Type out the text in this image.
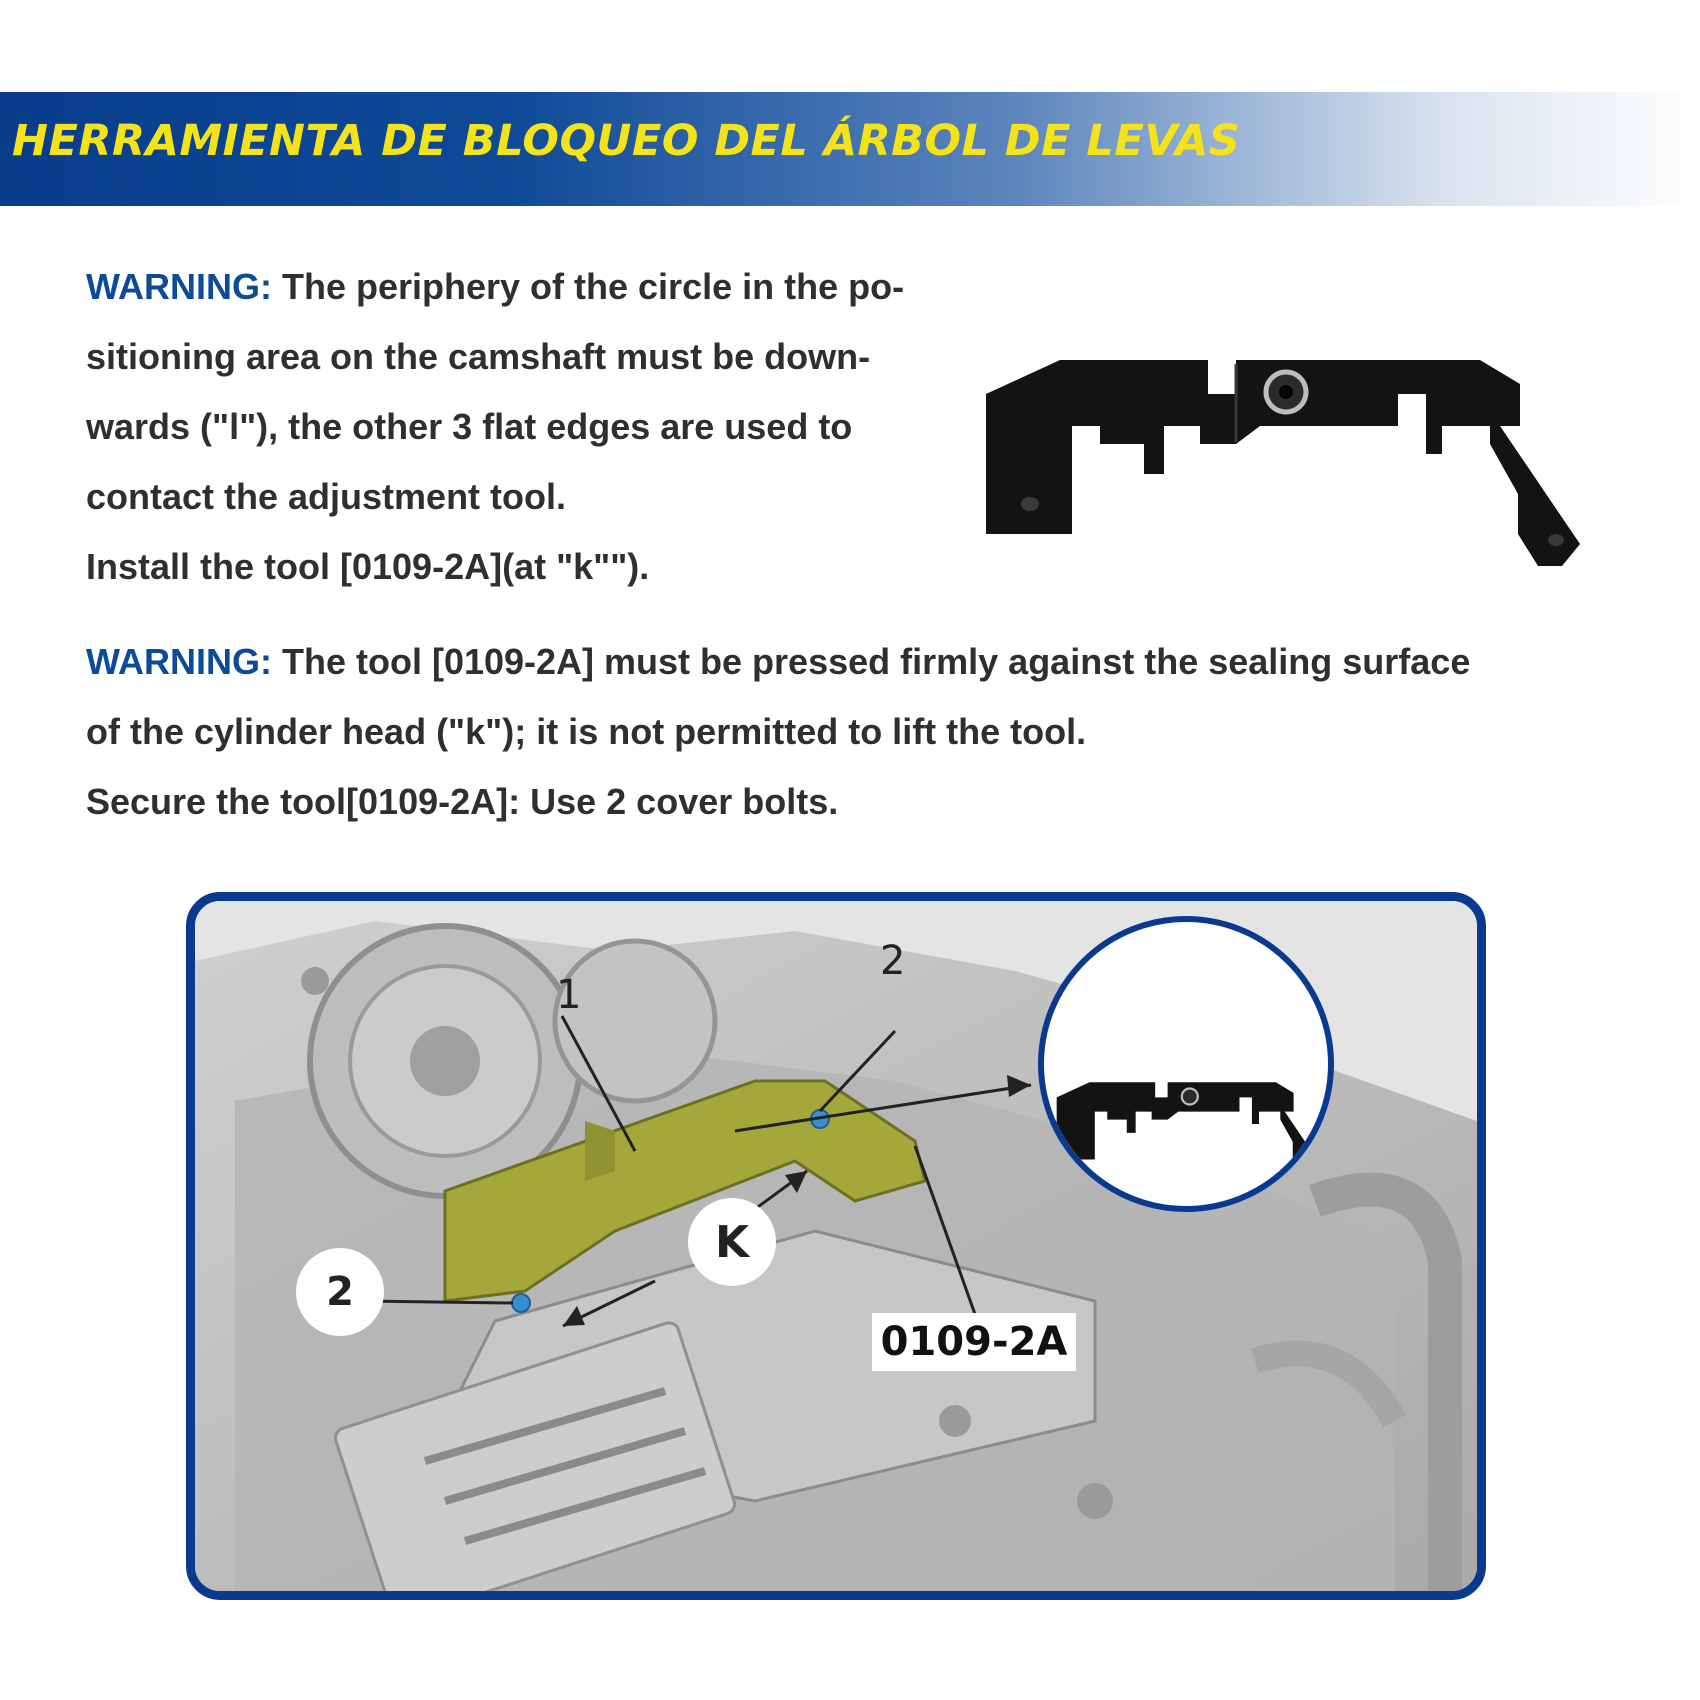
HERRAMIENTA DE BLOQUEO DEL ÁRBOL DE LEVAS

WARNING: The periphery of the circle in the po-
sitioning area on the camshaft must be down-
wards ("l"), the other 3 flat edges are used to
contact the adjustment tool.
Install the tool [0109-2A](at "k"").

WARNING: The tool [0109-2A] must be pressed firmly against the sealing surface
of the cylinder head ("k"); it is not permitted to lift the tool.
Secure the tool[0109-2A]: Use 2 cover bolts.

1
2
2
K
0109-2A
